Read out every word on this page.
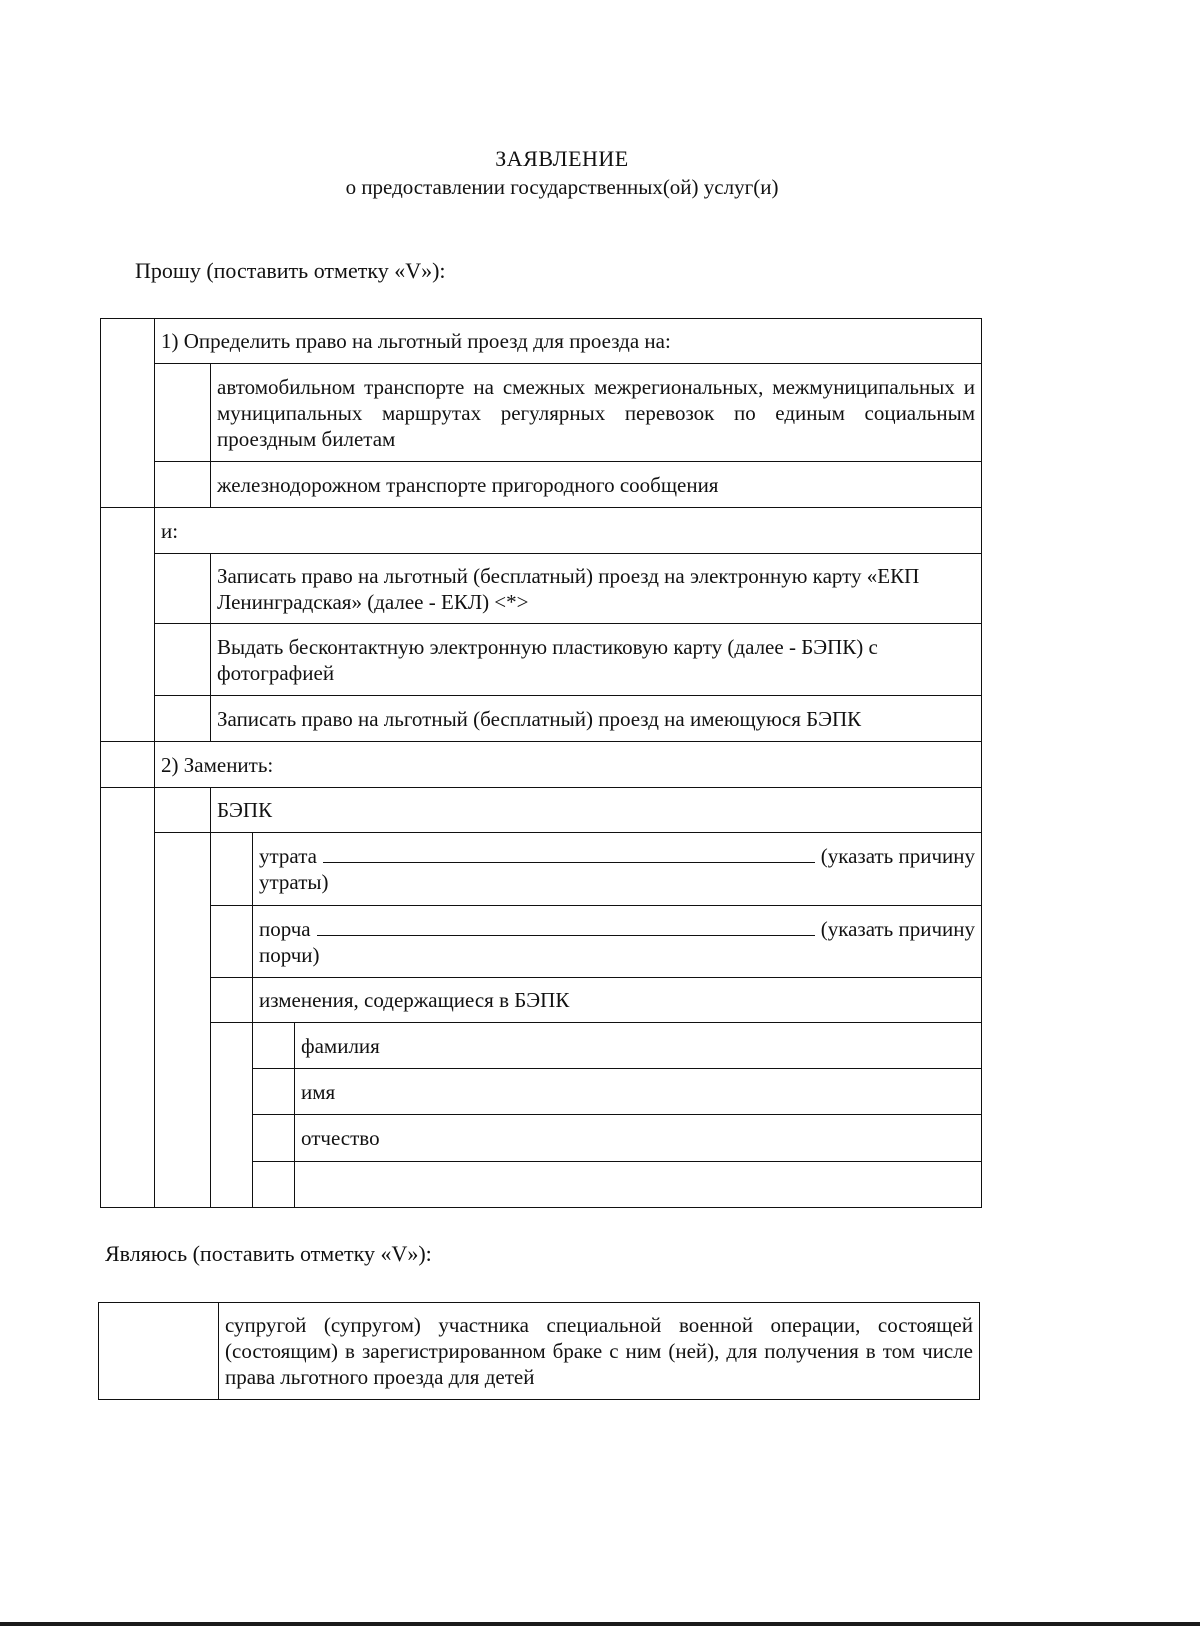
ЗАЯВЛЕНИЕ
о предоставлении государственных(ой) услуг(и)
Прошу (поставить отметку «V»):
	1) Определить право на льготный проезд для проезда на:			
		автомобильном транспорте на смежных межрегиональных, межмуниципальных и муниципальных маршрутах регулярных перевозок по единым социальным проездным билетам		
		железнодорожном транспорте пригородного сообщения		
	и:			
		Записать право на льготный (бесплатный) проезд на электронную карту «ЕКП Ленинградская» (далее - ЕКЛ) <*>		
		Выдать бесконтактную электронную пластиковую карту (далее - БЭПК) с фотографией		
		Записать право на льготный (бесплатный) проезд на имеющуюся БЭПК		
	2) Заменить:			
		БЭПК		

			утрата (указать причину
утраты)	

			порча (указать причину
порчи)	

			изменения, содержащиеся в БЭПК	
				фамилия
				имя
				отчество

Являюсь (поставить отметку «V»):
	супругой (супругом) участника специальной военной операции, состоящей (состоящим) в зарегистрированном браке с ним (ней), для получения в том числе права льготного проезда для детей
